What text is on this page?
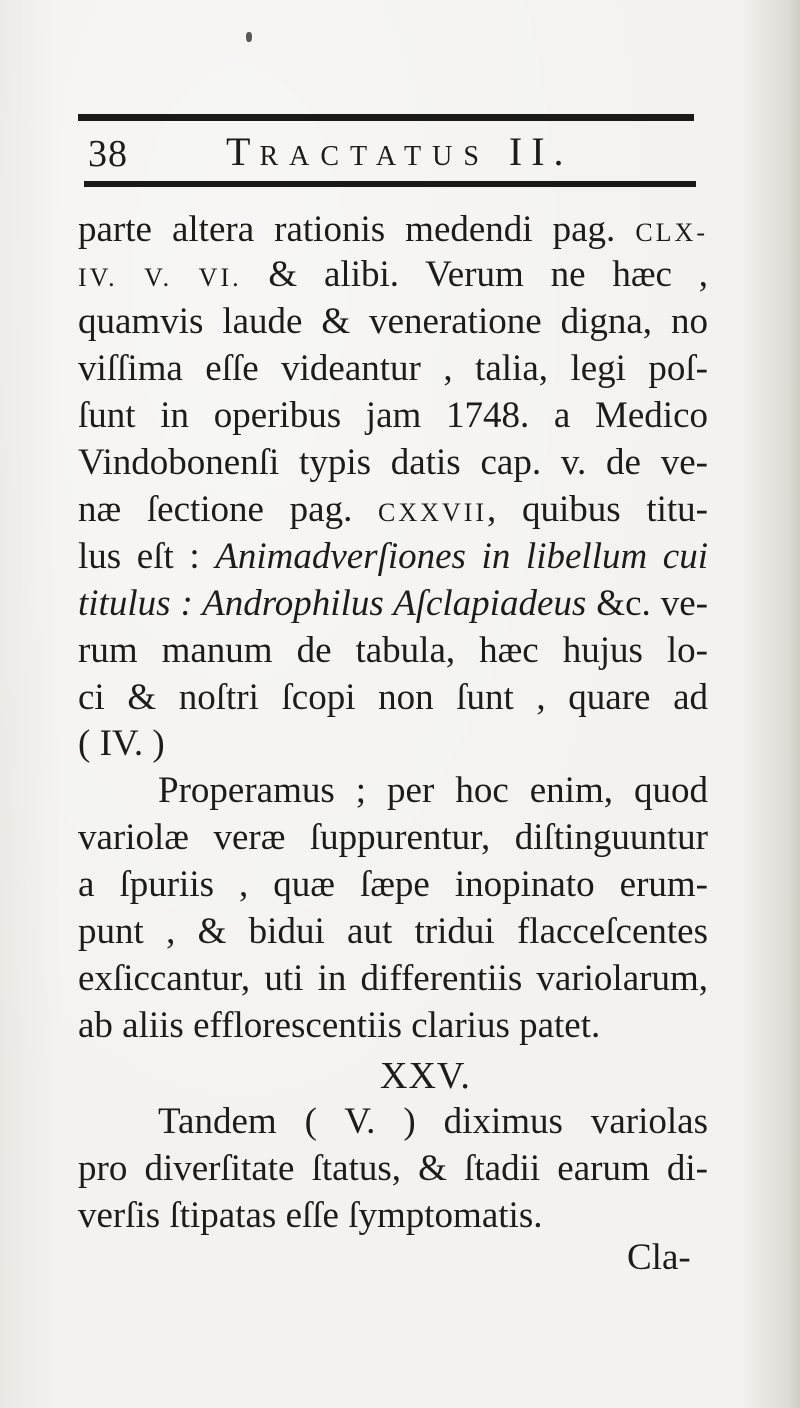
38 TRACTATUS II.
parte altera rationis medendi pag. CLX-
IV. V. VI. & alibi. Verum ne hæc ,
quamvis laude & veneratione digna, no
viſſima eſſe videantur , talia, legi poſ-
ſunt in operibus jam 1748. a Medico
Vindobonenſi typis datis cap. v. de ve-
næ ſectione pag. CXXVII, quibus titu-
lus eſt : Animadverſiones in libellum cui
titulus : Androphilus Aſclapiadeus &c. ve-
rum manum de tabula, hæc hujus lo-
ci & noſtri ſcopi non ſunt , quare ad
( IV. )
Properamus ; per hoc enim, quod
variolæ veræ ſuppurentur, diſtinguuntur
a ſpuriis , quæ ſæpe inopinato erum-
punt , & bidui aut tridui flacceſcentes
exſiccantur, uti in differentiis variolarum,
ab aliis efflorescentiis clarius patet.
XXV.
Tandem ( V. ) diximus variolas
pro diverſitate ſtatus, & ſtadii earum di-
verſis ſtipatas eſſe ſymptomatis.
Cla-
